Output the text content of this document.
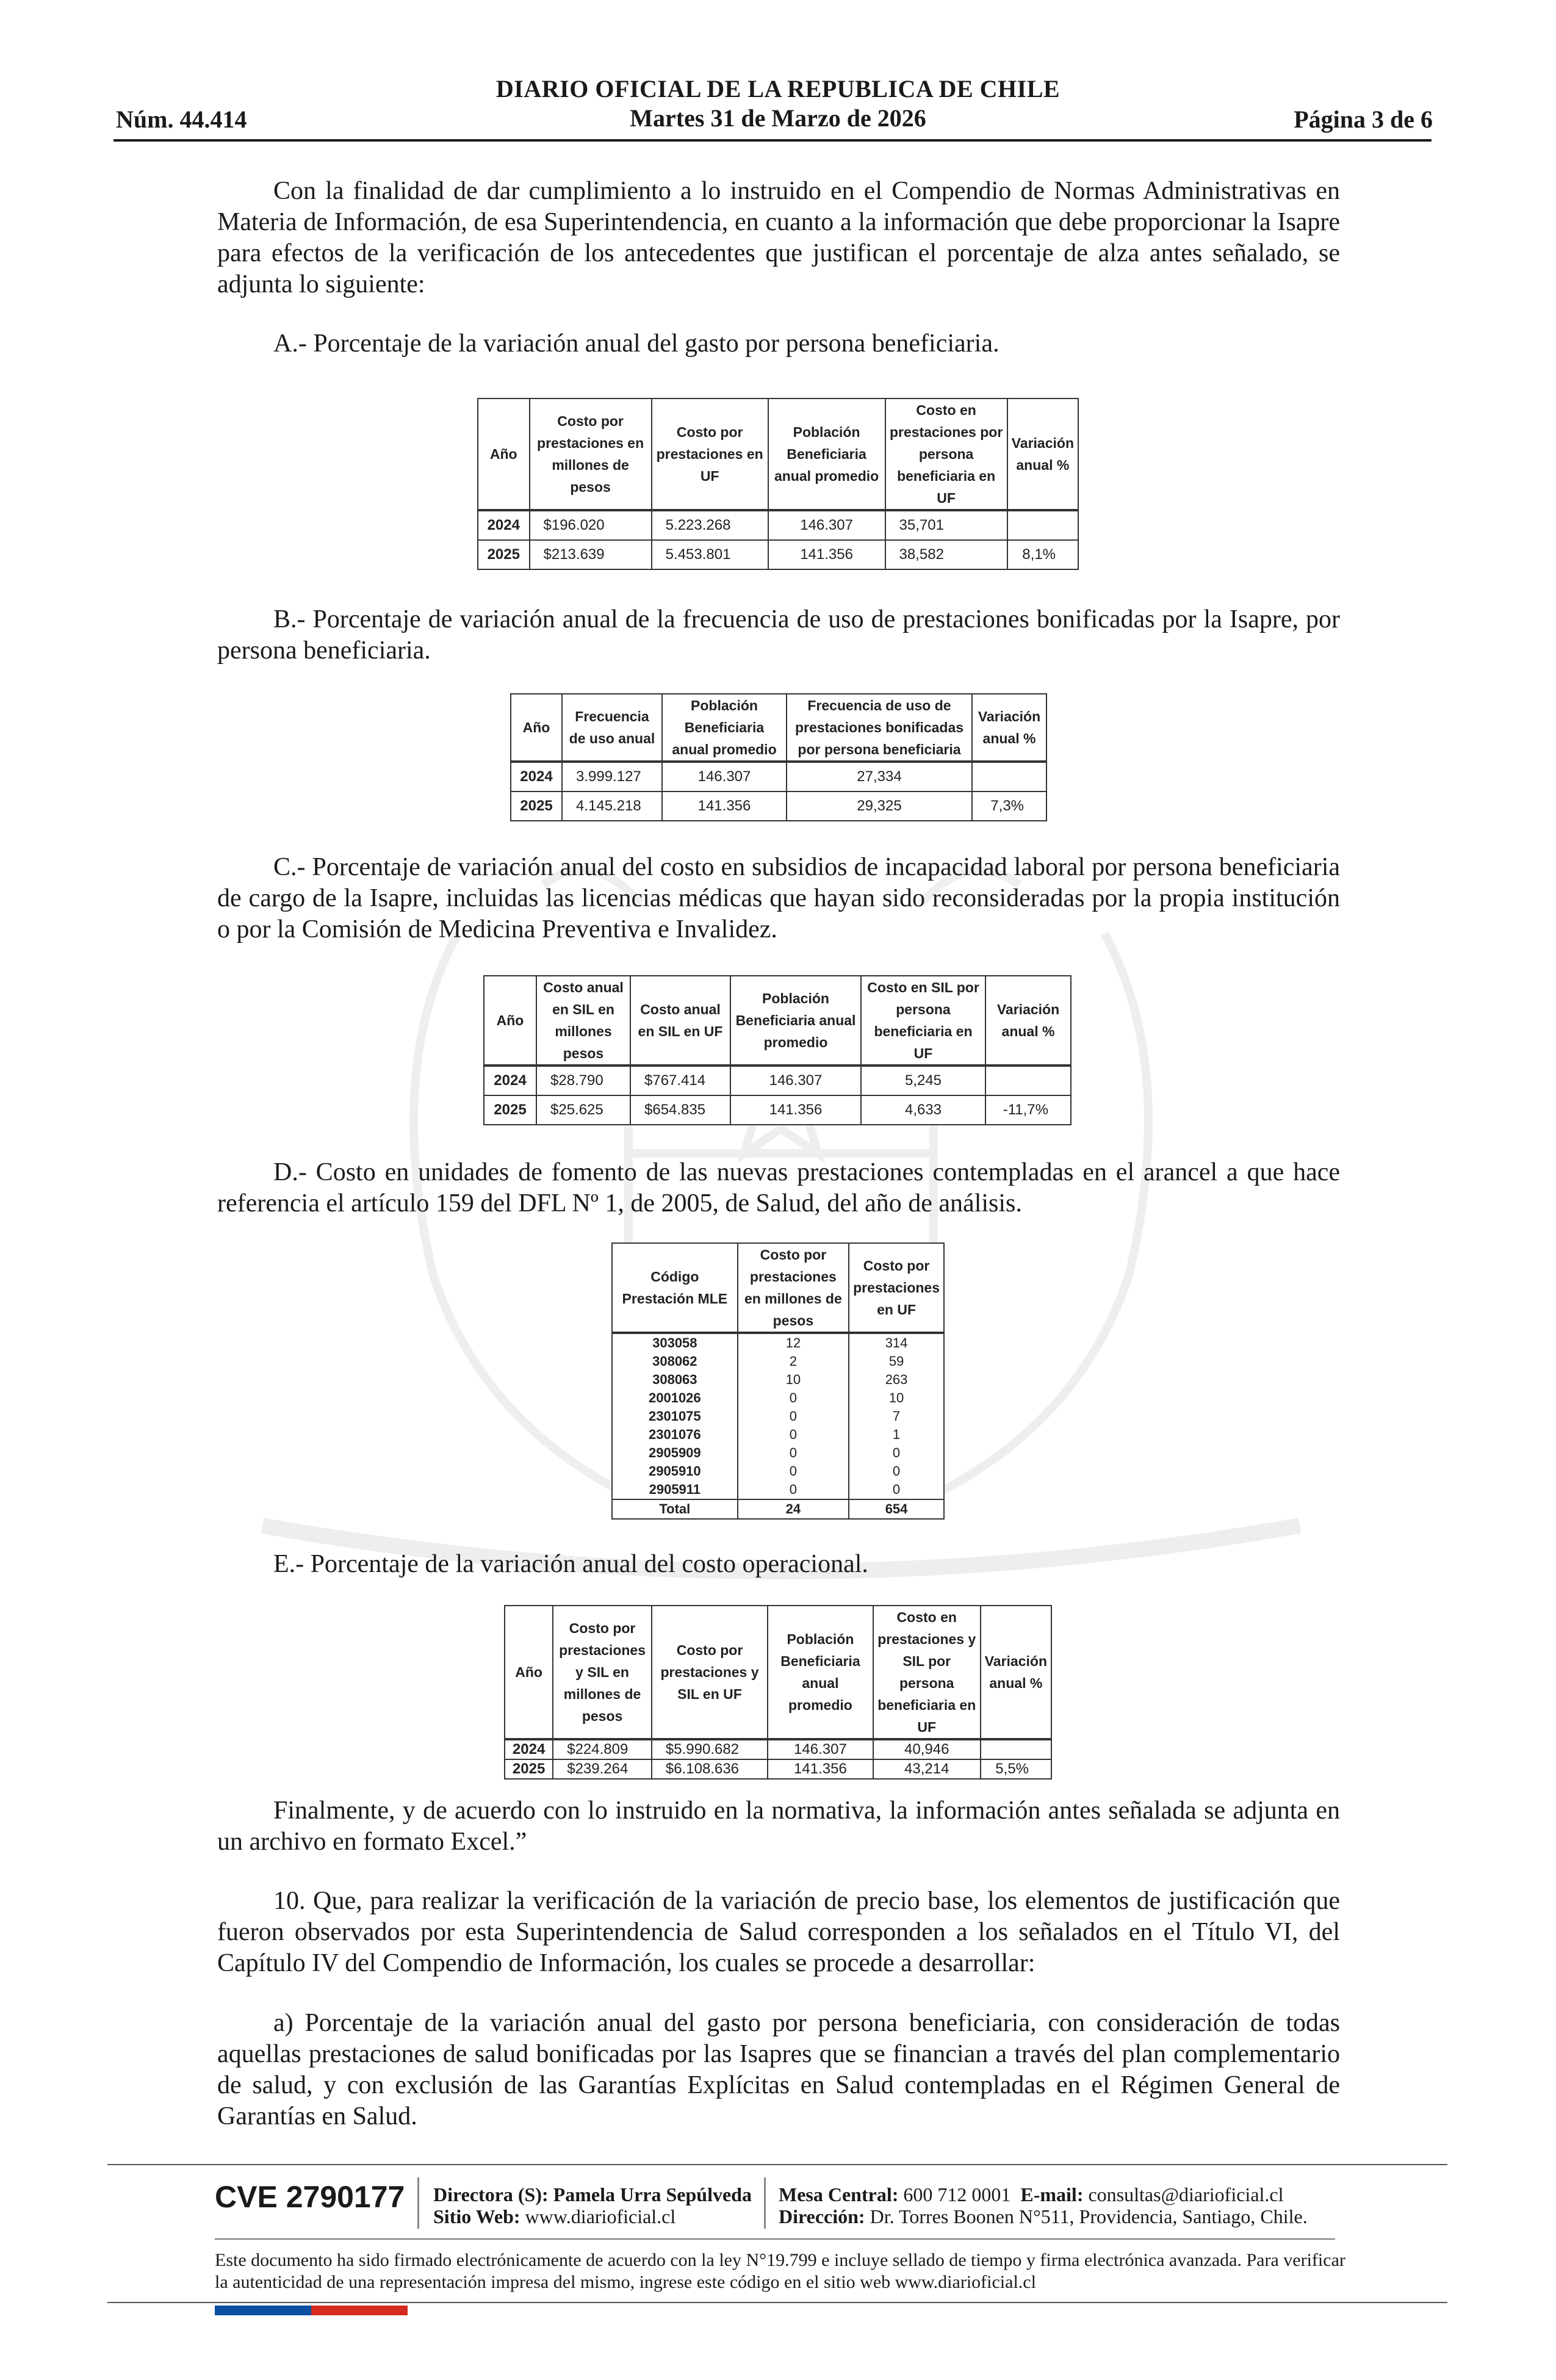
DIARIO OFICIAL DE LA REPUBLICA DE CHILE
Núm. 44.414	Martes 31 de Marzo de 2026	Página 3 de 6

Con la finalidad de dar cumplimiento a lo instruido en el Compendio de Normas Administrativas en Materia de Información, de esa Superintendencia, en cuanto a la información que debe proporcionar la Isapre para efectos de la verificación de los antecedentes que justifican el porcentaje de alza antes señalado, se adjunta lo siguiente:

A.- Porcentaje de la variación anual del gasto por persona beneficiaria.

Año	Costo por prestaciones en millones de pesos	Costo por prestaciones en UF	Población Beneficiaria anual promedio	Costo en prestaciones por persona beneficiaria en UF	Variación anual %
2024	$196.020	5.223.268	146.307	35,701	
2025	$213.639	5.453.801	141.356	38,582	8,1%

B.- Porcentaje de variación anual de la frecuencia de uso de prestaciones bonificadas por la Isapre, por persona beneficiaria.

Año	Frecuencia de uso anual	Población Beneficiaria anual promedio	Frecuencia de uso de prestaciones bonificadas por persona beneficiaria	Variación anual %
2024	3.999.127	146.307	27,334	
2025	4.145.218	141.356	29,325	7,3%

C.- Porcentaje de variación anual del costo en subsidios de incapacidad laboral por persona beneficiaria de cargo de la Isapre, incluidas las licencias médicas que hayan sido reconsideradas por la propia institución o por la Comisión de Medicina Preventiva e Invalidez.

Año	Costo anual en SIL en millones pesos	Costo anual en SIL en UF	Población Beneficiaria anual promedio	Costo en SIL por persona beneficiaria en UF	Variación anual %
2024	$28.790	$767.414	146.307	5,245	
2025	$25.625	$654.835	141.356	4,633	-11,7%

D.- Costo en unidades de fomento de las nuevas prestaciones contempladas en el arancel a que hace referencia el artículo 159 del DFL Nº 1, de 2005, de Salud, del año de análisis.

Código Prestación MLE	Costo por prestaciones en millones de pesos	Costo por prestaciones en UF
303058	12	314
308062	2	59
308063	10	263
2001026	0	10
2301075	0	7
2301076	0	1
2905909	0	0
2905910	0	0
2905911	0	0
Total	24	654

E.- Porcentaje de la variación anual del costo operacional.

Año	Costo por prestaciones y SIL en millones de pesos	Costo por prestaciones y SIL en UF	Población Beneficiaria anual promedio	Costo en prestaciones y SIL por persona beneficiaria en UF	Variación anual %
2024	$224.809	$5.990.682	146.307	40,946	
2025	$239.264	$6.108.636	141.356	43,214	5,5%

Finalmente, y de acuerdo con lo instruido en la normativa, la información antes señalada se adjunta en un archivo en formato Excel.”

10. Que, para realizar la verificación de la variación de precio base, los elementos de justificación que fueron observados por esta Superintendencia de Salud corresponden a los señalados en el Título VI, del Capítulo IV del Compendio de Información, los cuales se procede a desarrollar:

a) Porcentaje de la variación anual del gasto por persona beneficiaria, con consideración de todas aquellas prestaciones de salud bonificadas por las Isapres que se financian a través del plan complementario de salud, y con exclusión de las Garantías Explícitas en Salud contempladas en el Régimen General de Garantías en Salud.

CVE 2790177 Directora (S): Pamela Urra Sepúlveda
Sitio Web: www.diarioficial.cl
Mesa Central: 600 712 0001 E-mail: consultas@diarioficial.cl
Dirección: Dr. Torres Boonen N°511, Providencia, Santiago, Chile.
Este documento ha sido firmado electrónicamente de acuerdo con la ley N°19.799 e incluye sellado de tiempo y firma electrónica avanzada. Para verificar la autenticidad de una representación impresa del mismo, ingrese este código en el sitio web www.diarioficial.cl
